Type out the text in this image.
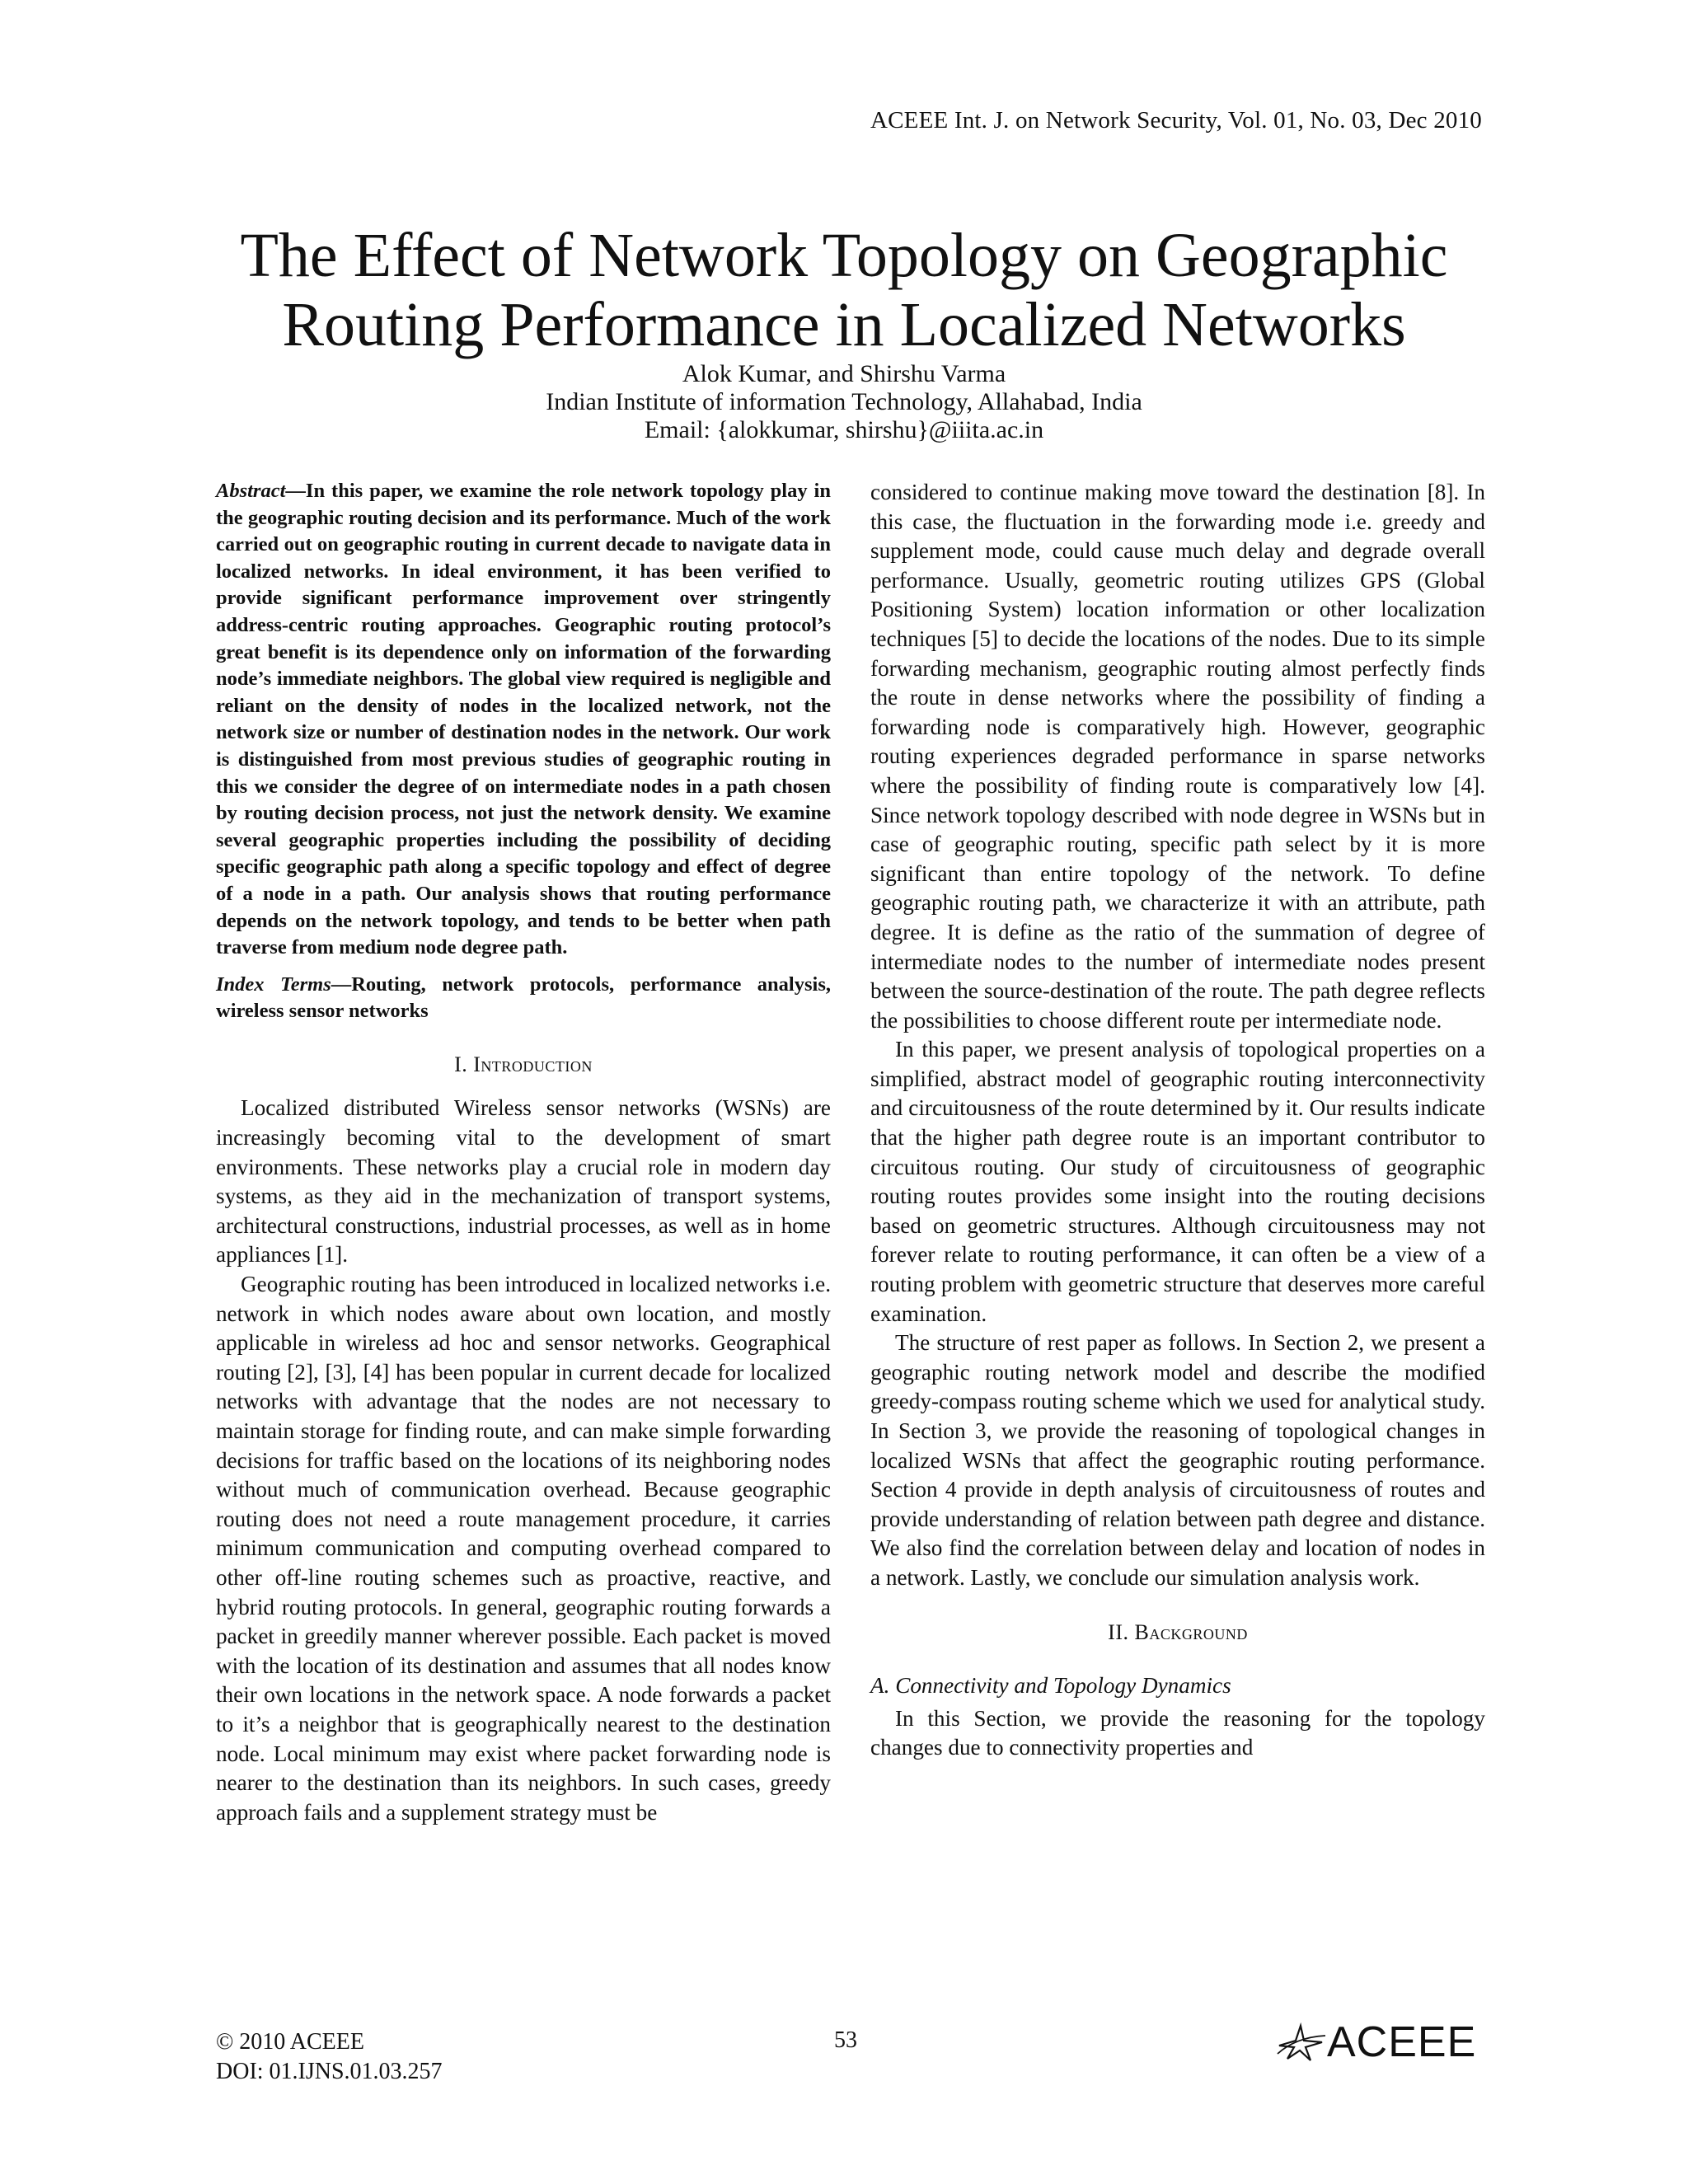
ACEEE Int. J. on Network Security, Vol. 01, No. 03, Dec 2010
The Effect of Network Topology on Geographic
Routing Performance in Localized Networks
Alok Kumar, and Shirshu Varma
Indian Institute of information Technology, Allahabad, India
Email: {alokkumar, shirshu}@iiita.ac.in

Abstract—In this paper, we examine the role network topology play in the geographic routing decision and its performance. Much of the work carried out on geographic routing in current decade to navigate data in localized networks. In ideal environment, it has been verified to provide significant performance improvement over stringently address-centric routing approaches. Geographic routing protocol’s great benefit is its dependence only on information of the forwarding node’s immediate neighbors. The global view required is negligible and reliant on the density of nodes in the localized network, not the network size or number of destination nodes in the network. Our work is distinguished from most previous studies of geographic routing in this we consider the degree of on intermediate nodes in a path chosen by routing decision process, not just the network density. We examine several geographic properties including the possibility of deciding specific geographic path along a specific topology and effect of degree of a node in a path. Our analysis shows that routing performance depends on the network topology, and tends to be better when path traverse from medium node degree path.

Index Terms—Routing, network protocols, performance analysis, wireless sensor networks

I. Introduction

Localized distributed Wireless sensor networks (WSNs) are increasingly becoming vital to the development of smart environments. These networks play a crucial role in modern day systems, as they aid in the mechanization of transport systems, architectural constructions, industrial processes, as well as in home appliances [1].

Geographic routing has been introduced in localized networks i.e. network in which nodes aware about own location, and mostly applicable in wireless ad hoc and sensor networks. Geographical routing [2], [3], [4] has been popular in current decade for localized networks with advantage that the nodes are not necessary to maintain storage for finding route, and can make simple forwarding decisions for traffic based on the locations of its neighboring nodes without much of communication overhead. Because geographic routing does not need a route management procedure, it carries minimum communication and computing overhead compared to other off-line routing schemes such as proactive, reactive, and hybrid routing protocols. In general, geographic routing forwards a packet in greedily manner wherever possible. Each packet is moved with the location of its destination and assumes that all nodes know their own locations in the network space. A node forwards a packet to it’s a neighbor that is geographically nearest to the destination node. Local minimum may exist where packet forwarding node is nearer to the destination than its neighbors. In such cases, greedy approach fails and a supplement strategy must be

considered to continue making move toward the destination [8]. In this case, the fluctuation in the forwarding mode i.e. greedy and supplement mode, could cause much delay and degrade overall performance. Usually, geometric routing utilizes GPS (Global Positioning System) location information or other localization techniques [5] to decide the locations of the nodes. Due to its simple forwarding mechanism, geographic routing almost perfectly finds the route in dense networks where the possibility of finding a forwarding node is comparatively high. However, geographic routing experiences degraded performance in sparse networks where the possibility of finding route is comparatively low [4]. Since network topology described with node degree in WSNs but in case of geographic routing, specific path select by it is more significant than entire topology of the network. To define geographic routing path, we characterize it with an attribute, path degree. It is define as the ratio of the summation of degree of intermediate nodes to the number of intermediate nodes present between the source-destination of the route. The path degree reflects the possibilities to choose different route per intermediate node.

In this paper, we present analysis of topological properties on a simplified, abstract model of geographic routing interconnectivity and circuitousness of the route determined by it. Our results indicate that the higher path degree route is an important contributor to circuitous routing. Our study of circuitousness of geographic routing routes provides some insight into the routing decisions based on geometric structures. Although circuitousness may not forever relate to routing performance, it can often be a view of a routing problem with geometric structure that deserves more careful examination.

The structure of rest paper as follows. In Section 2, we present a geographic routing network model and describe the modified greedy-compass routing scheme which we used for analytical study. In Section 3, we provide the reasoning of topological changes in localized WSNs that affect the geographic routing performance. Section 4 provide in depth analysis of circuitousness of routes and provide understanding of relation between path degree and distance. We also find the correlation between delay and location of nodes in a network. Lastly, we conclude our simulation analysis work.

II. Background

A. Connectivity and Topology Dynamics

In this Section, we provide the reasoning for the topology changes due to connectivity properties and

© 2010 ACEEE
DOI: 01.IJNS.01.03.257
53	ACEEE
